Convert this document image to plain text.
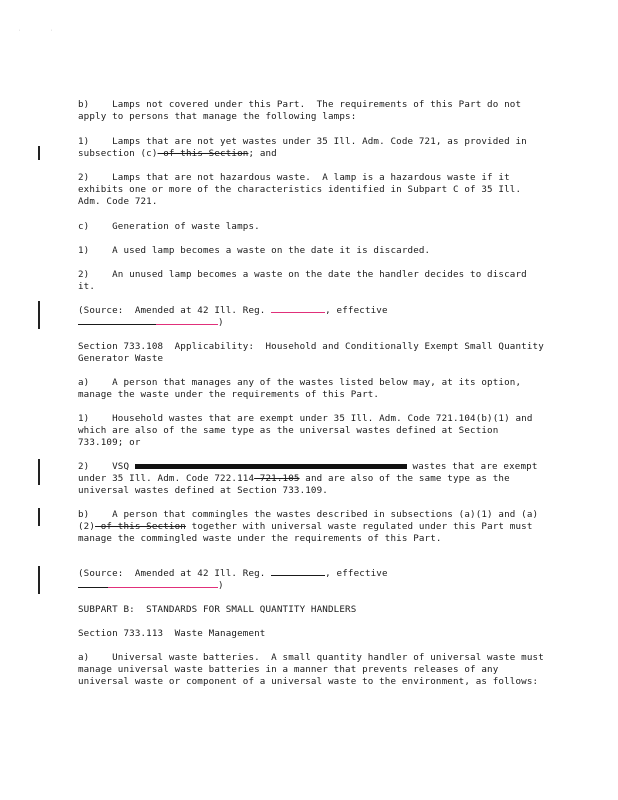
·	·
b)    Lamps not covered under this Part.  The requirements of this Part do not apply to persons that manage the following lamps:
1)    Lamps that are not yet wastes under 35 Ill. Adm. Code 721, as provided in subsection (c) of this Section; and
2)    Lamps that are not hazardous waste.  A lamp is a hazardous waste if it exhibits one or more of the characteristics identified in Subpart C of 35 Ill. Adm. Code 721.
c)    Generation of waste lamps.
1)    A used lamp becomes a waste on the date it is discarded.
2)    An unused lamp becomes a waste on the date the handler decides to discard it.
(Source:  Amended at 42 Ill. Reg.	, effective
)
Section 733.108  Applicability:  Household and Conditionally Exempt Small Quantity Generator Waste
a)    A person that manages any of the wastes listed below may, at its option, manage the waste under the requirements of this Part.
1)    Household wastes that are exempt under 35 Ill. Adm. Code 721.104(b)(1) and which are also of the same type as the universal wastes defined at Section 733.109; or
2)    VSQ	wastes that are exempt under 35 Ill. Adm. Code 722.114 721.105 and are also of the same type as the universal wastes defined at Section 733.109.
b)    A person that commingles the wastes described in subsections (a)(1) and (a)(2) of this Section together with universal waste regulated under this Part must manage the commingled waste under the requirements of this Part.
(Source:  Amended at 42 Ill. Reg.	, effective
)
SUBPART B:  STANDARDS FOR SMALL QUANTITY HANDLERS
Section 733.113  Waste Management
a)    Universal waste batteries.  A small quantity handler of universal waste must manage universal waste batteries in a manner that prevents releases of any universal waste or component of a universal waste to the environment, as follows:
